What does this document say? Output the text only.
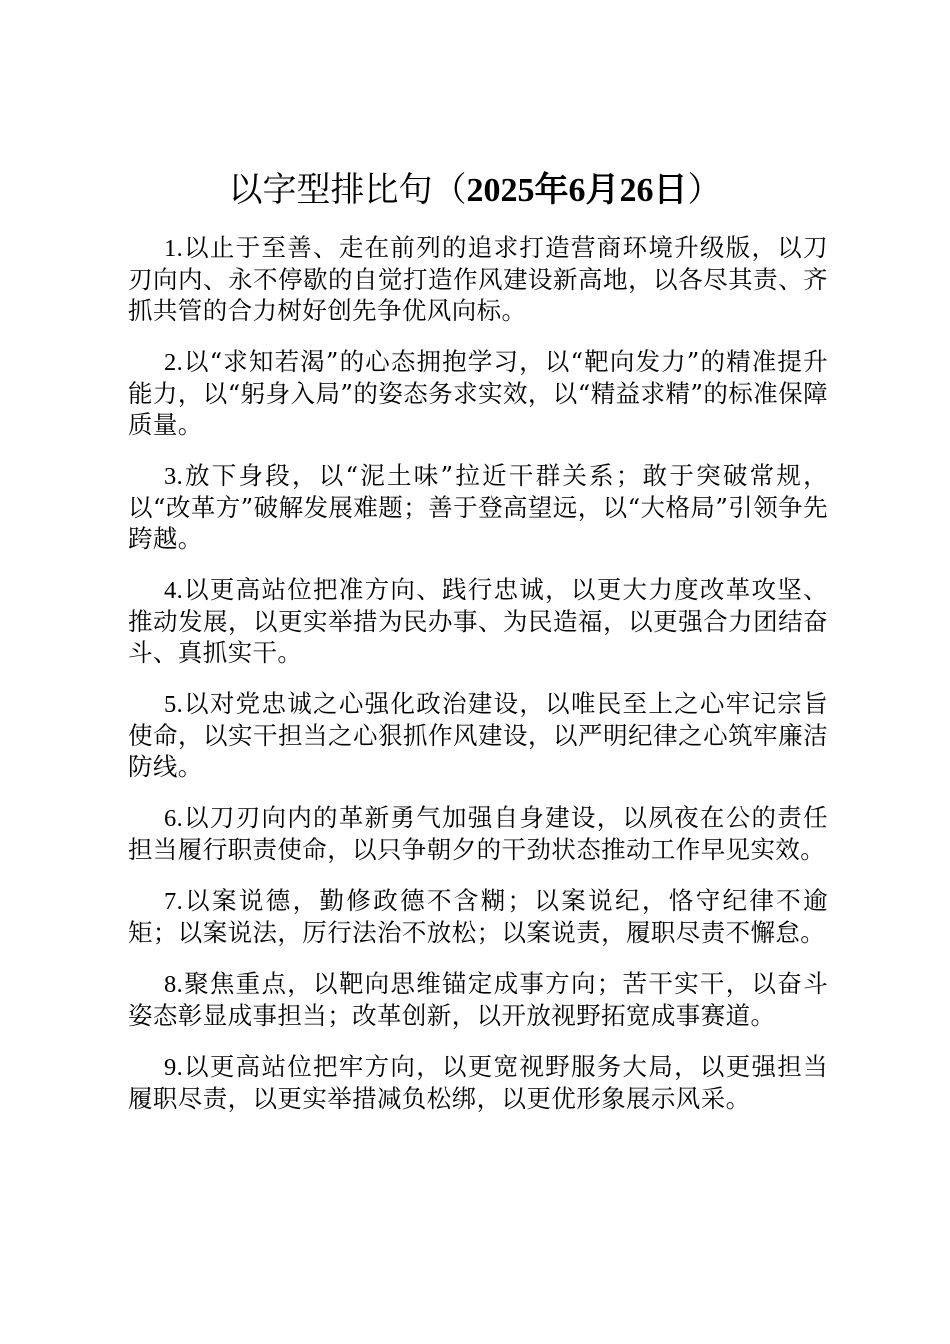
以字型排比句（2025年6月26日）

1.以止于至善、走在前列的追求打造营商环境升级版，以刀刃向内、永不停歇的自觉打造作风建设新高地，以各尽其责、齐抓共管的合力树好创先争优风向标。

2.以“求知若渴”的心态拥抱学习，以“靶向发力”的精准提升能力，以“躬身入局”的姿态务求实效，以“精益求精”的标准保障质量。

3.放下身段，以“泥土味”拉近干群关系；敢于突破常规，以“改革方”破解发展难题；善于登高望远，以“大格局”引领争先跨越。

4.以更高站位把准方向、践行忠诚，以更大力度改革攻坚、推动发展，以更实举措为民办事、为民造福，以更强合力团结奋斗、真抓实干。

5.以对党忠诚之心强化政治建设，以唯民至上之心牢记宗旨使命，以实干担当之心狠抓作风建设，以严明纪律之心筑牢廉洁防线。

6.以刀刃向内的革新勇气加强自身建设，以夙夜在公的责任担当履行职责使命，以只争朝夕的干劲状态推动工作早见实效。

7.以案说德，勤修政德不含糊；以案说纪，恪守纪律不逾矩；以案说法，厉行法治不放松；以案说责，履职尽责不懈怠。

8.聚焦重点，以靶向思维锚定成事方向；苦干实干，以奋斗姿态彰显成事担当；改革创新，以开放视野拓宽成事赛道。

9.以更高站位把牢方向，以更宽视野服务大局，以更强担当履职尽责，以更实举措减负松绑，以更优形象展示风采。
